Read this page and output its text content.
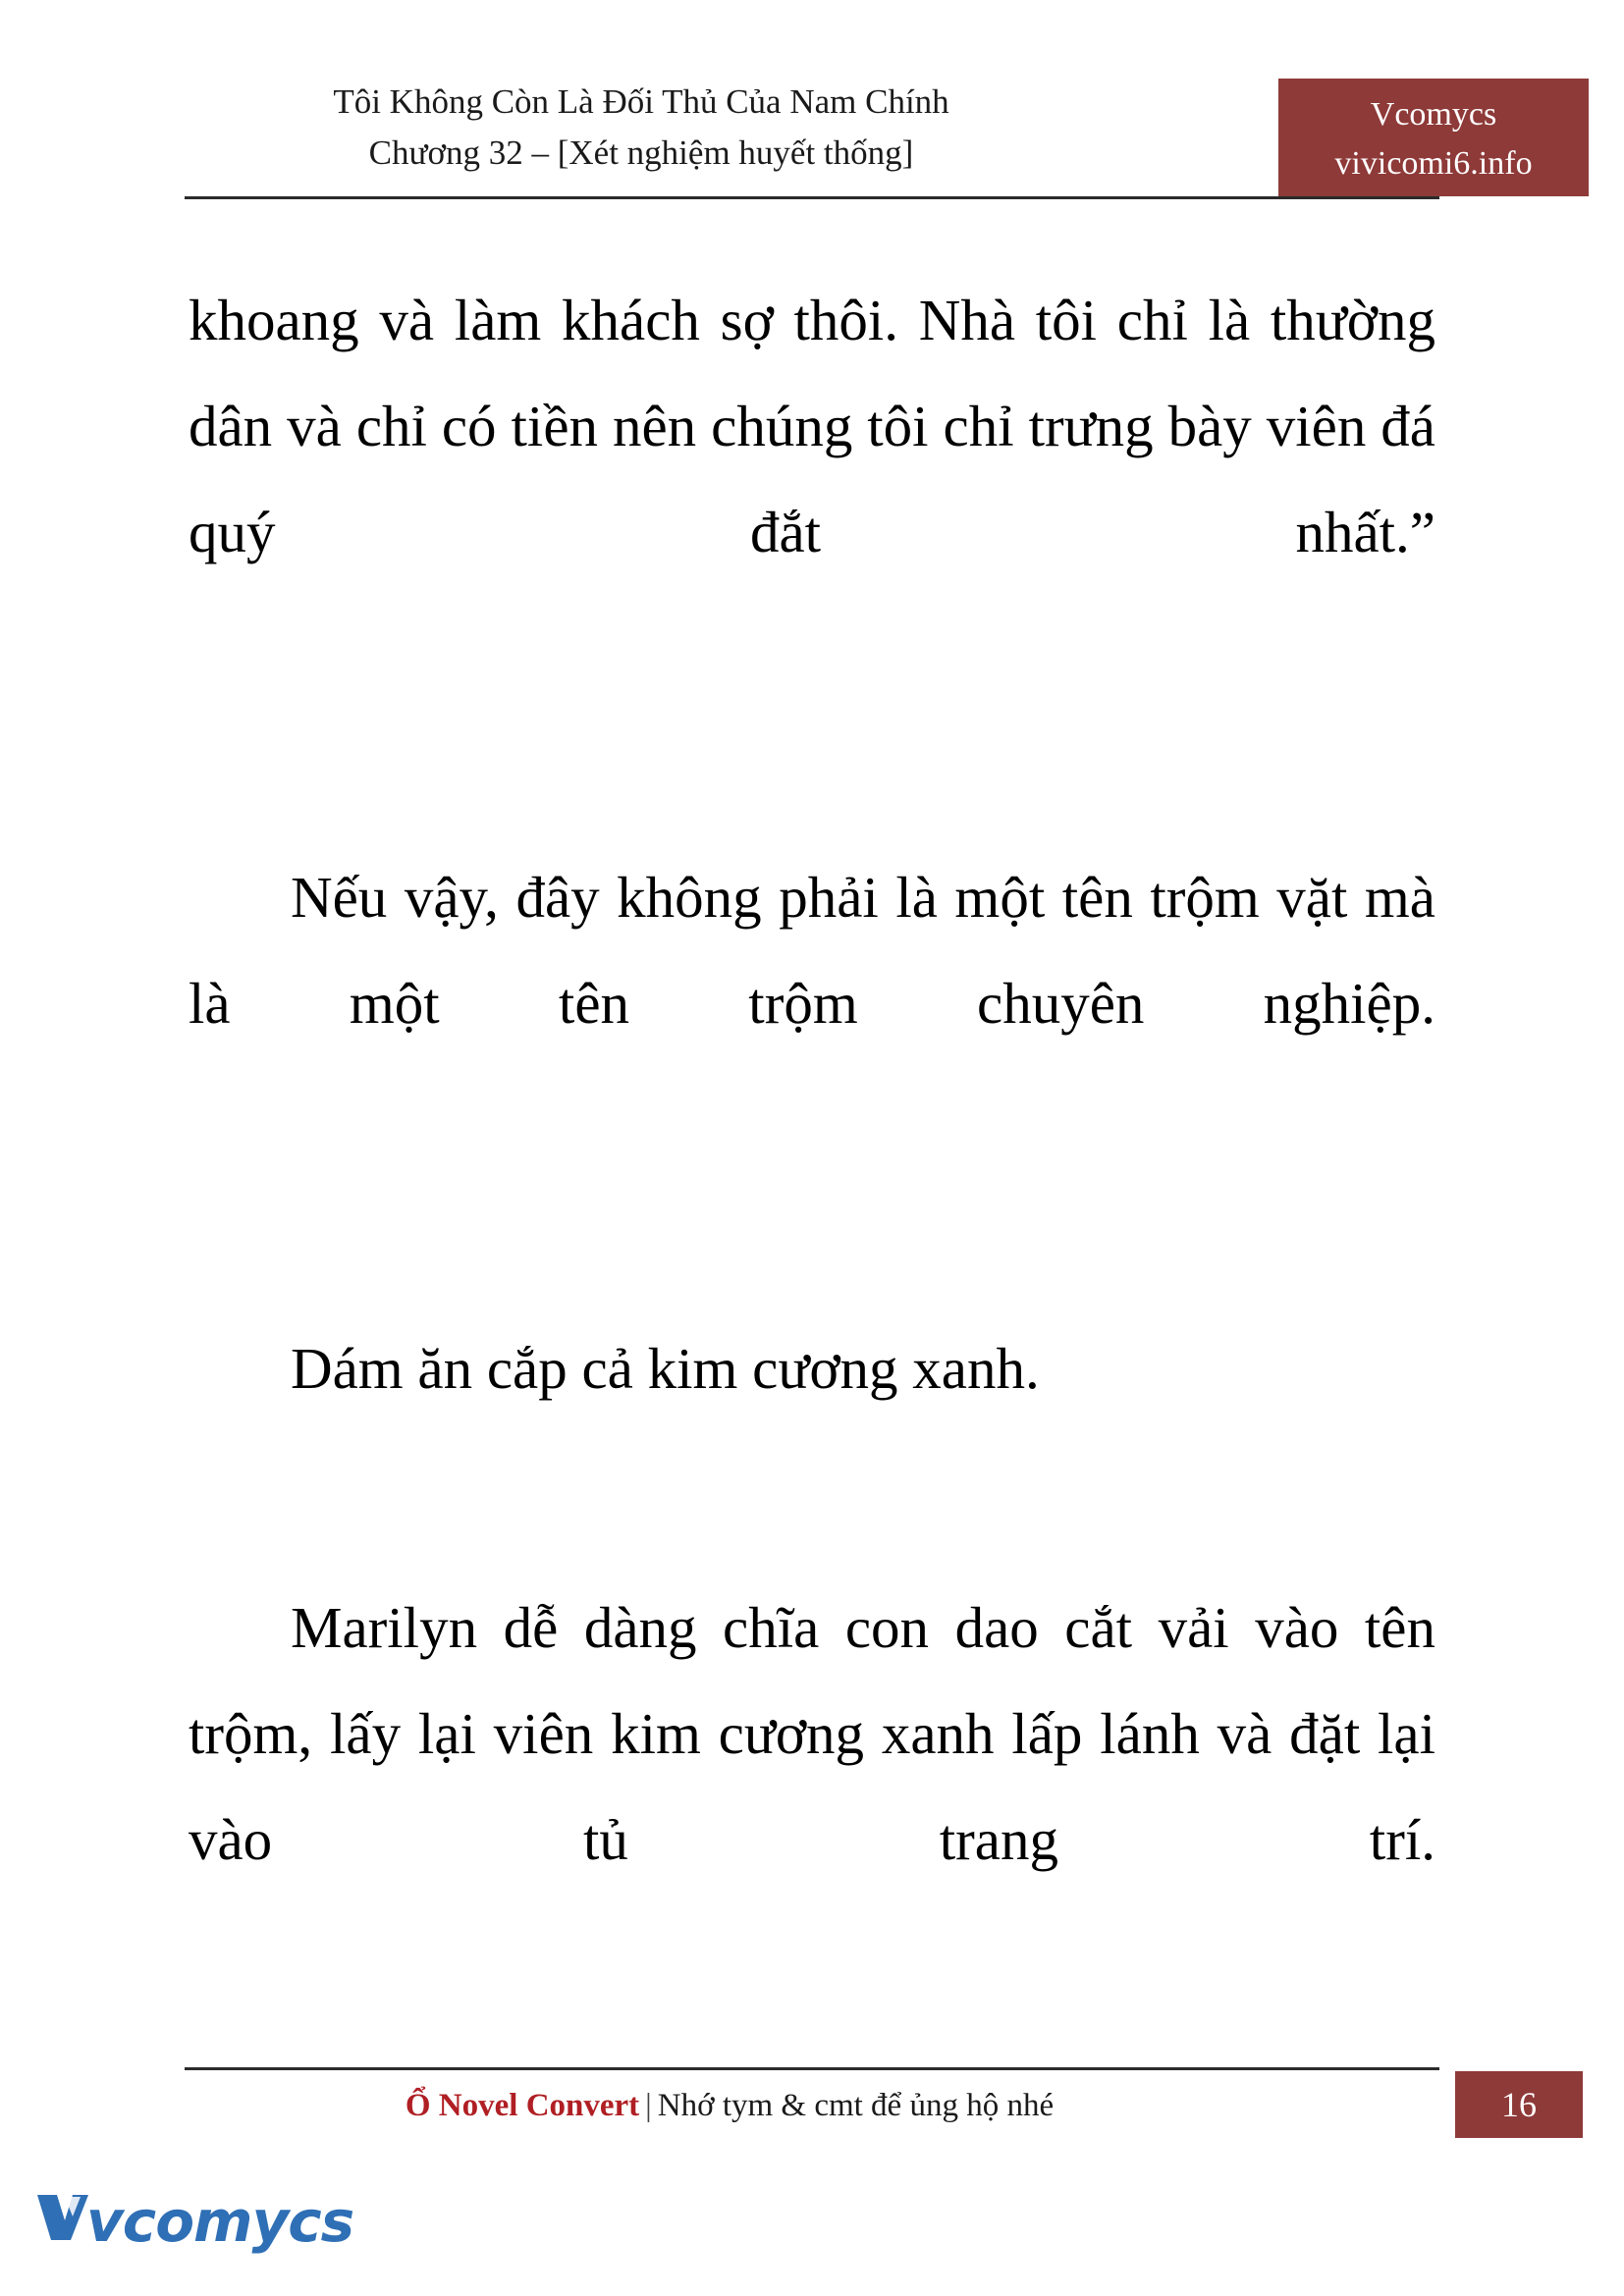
Tôi Không Còn Là Đối Thủ Của Nam Chính
Chương 32 – [Xét nghiệm huyết thống]
Vcomycs
vivicomi6.info

khoang và làm khách sợ thôi. Nhà tôi chỉ là thường dân và chỉ có tiền nên chúng tôi chỉ trưng bày viên đá quý đắt nhất.”

Nếu vậy, đây không phải là một tên trộm vặt mà là một tên trộm chuyên nghiệp.

Dám ăn cắp cả kim cương xanh.

Marilyn dễ dàng chĩa con dao cắt vải vào tên trộm, lấy lại viên kim cương xanh lấp lánh và đặt lại vào tủ trang trí.

Ổ Novel Convert | Nhớ tym & cmt để ủng hộ nhé	16
vcomycs
